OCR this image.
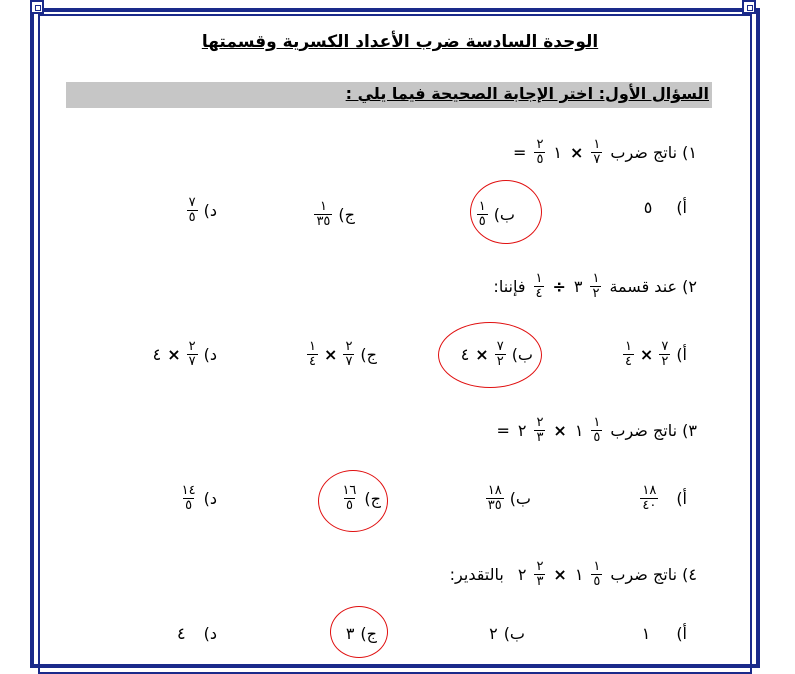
الوحدة السادسة ضرب الأعداد الكسرية وقسمتها
السؤال الأول: اختر الإجابة الصحيحة فيما يلي :
١) ناتج ضرب
$\frac{١}{٧}$
×
١
$\frac{٢}{٥}$
=
أ)
٥
ب)
$\frac{١}{٥}$
ج)
$\frac{١}{٣٥}$
د)
$\frac{٧}{٥}$
٢) عند قسمة
$\frac{١}{٢}$
٣
÷
$\frac{١}{٤}$
فإننا:
أ)
$\frac{٧}{٢}$
×
$\frac{١}{٤}$
ب)
$\frac{٧}{٢}$
×
٤
ج)
$\frac{٢}{٧}$
×
$\frac{١}{٤}$
د)
$\frac{٢}{٧}$
×
٤
٣) ناتج ضرب
$\frac{١}{٥}$
١
×
$\frac{٢}{٣}$
٢
=
أ)
$\frac{١٨}{٤٠}$
ب)
$\frac{١٨}{٣٥}$
ج)
$\frac{١٦}{٥}$
د)
$\frac{١٤}{٥}$
٤) ناتج ضرب
$\frac{١}{٥}$
١
×
$\frac{٢}{٣}$
٢
بالتقدير:
أ)
١
ب)
٢
ج)
٣
د)
٤
